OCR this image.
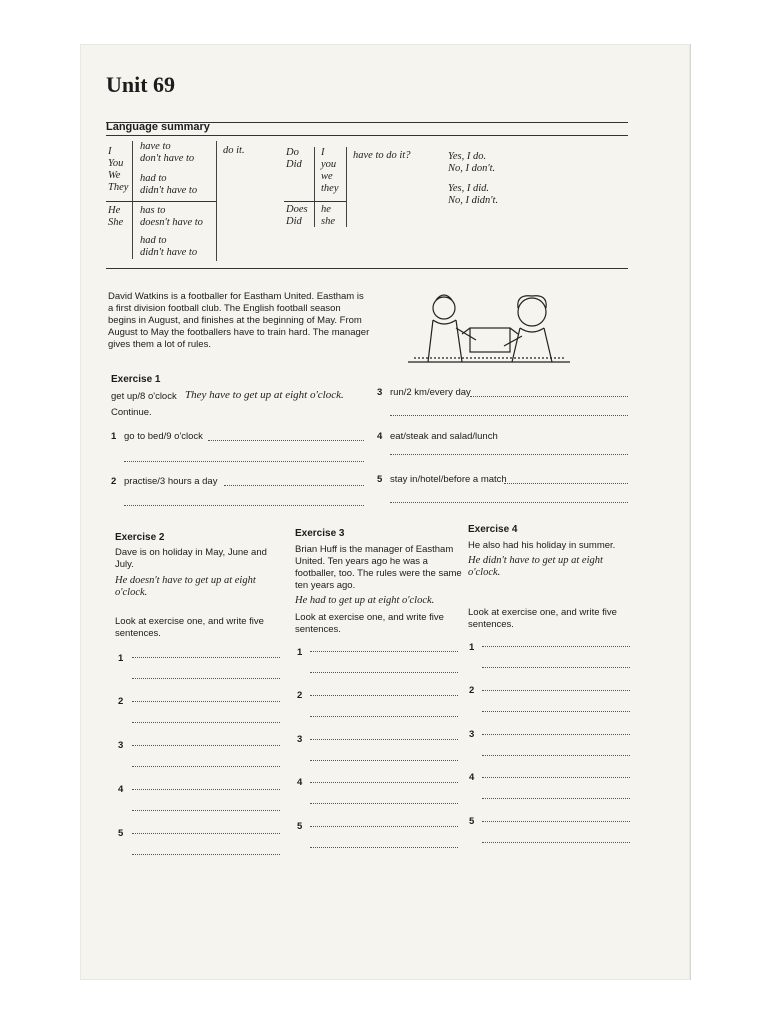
Unit 69
Language summary
I
You
We
They
have to
don't have to
had to
didn't have to
He
She
has to
doesn't have to
had to
didn't have to
do it.	Do
Did
I
you
we
they
Does
Did
he
she
have to do it?	Yes, I do.
No, I don't.
Yes, I did.
No, I didn't.
David Watkins is a footballer for Eastham United. Eastham is a first division football club. The English football season begins in August, and finishes at the beginning of May. From August to May the footballers have to train hard. The manager gives them a lot of rules.
Exercise 1
get up/8 o'clock They have to get up at eight o'clock.
Continue.
1 go to bed/9 o'clock
2 practise/3 hours a day
3 run/2 km/every day
4 eat/steak and salad/lunch
5 stay in/hotel/before a match
Exercise 2
Dave is on holiday in May, June and July.
He doesn't have to get up at eight o'clock.
Look at exercise one, and write five sentences.
1
2
3
4
5
Exercise 3
Brian Huff is the manager of Eastham United. Ten years ago he was a footballer, too. The rules were the same ten years ago.
He had to get up at eight o'clock.
Look at exercise one, and write five sentences.
1
2
3
4
5
Exercise 4
He also had his holiday in summer.
He didn't have to get up at eight o'clock.
Look at exercise one, and write five sentences.
1
2
3
4
5
